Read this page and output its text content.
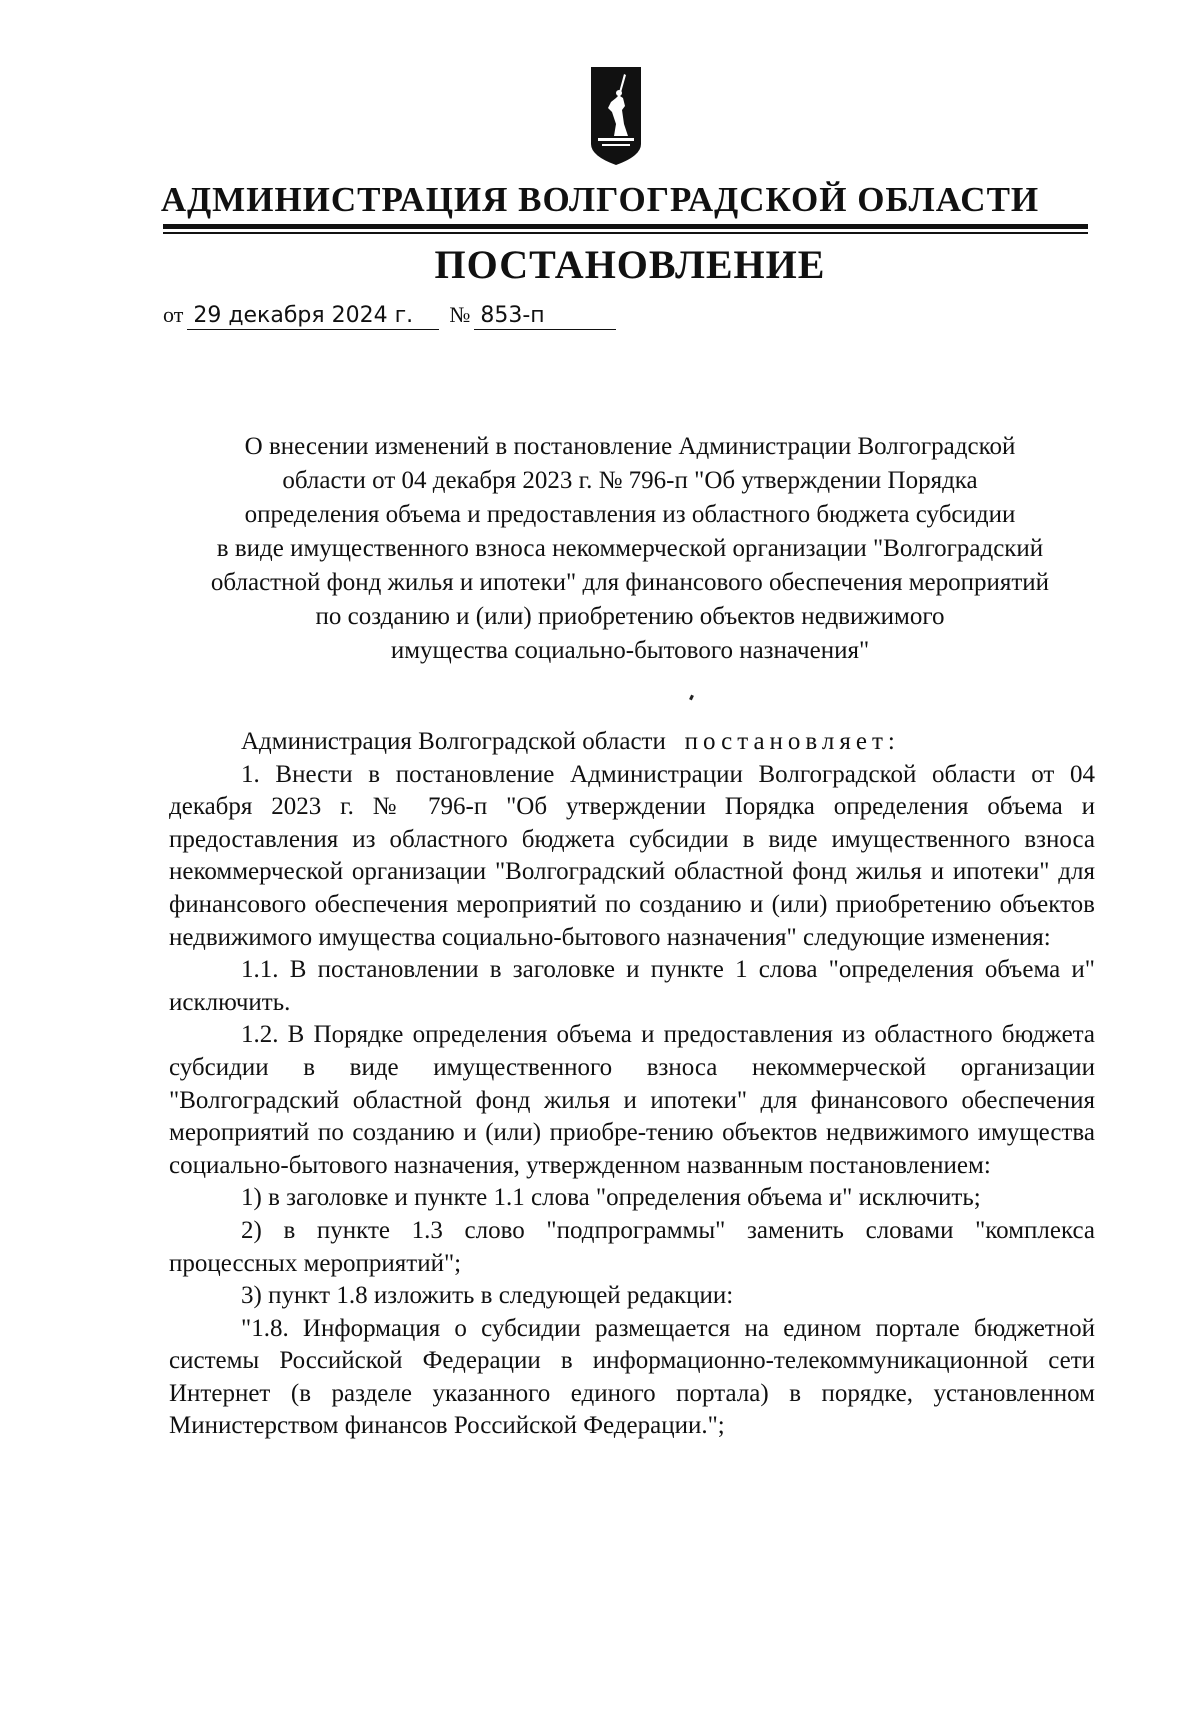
АДМИНИСТРАЦИЯ ВОЛГОГРАДСКОЙ ОБЛАСТИ
ПОСТАНОВЛЕНИЕ
от 29 декабря 2024 г. № 853-п

О внесении изменений в постановление Администрации Волгоградской

области от 04 декабря 2023 г. № 796-п "Об утверждении Порядка

определения объема и предоставления из областного бюджета субсидии

в виде имущественного взноса некоммерческой организации "Волгоградский

областной фонд жилья и ипотеки" для финансового обеспечения мероприятий

по созданию и (или) приобретению объектов недвижимого

имущества социально-бытового назначения"

Администрация Волгоградской области постановляет:

1. Внести в постановление Администрации Волгоградской области от 04 декабря 2023 г. № 796-п "Об утверждении Порядка определения объема и предоставления из областного бюджета субсидии в виде имущественного взноса некоммерческой организации "Волгоградский областной фонд жилья и ипотеки" для финансового обеспечения мероприятий по созданию и (или) приобретению объектов недвижимого имущества социально-бытового назначения" следующие изменения:

1.1. В постановлении в заголовке и пункте 1 слова "определения объема и" исключить.

1.2. В Порядке определения объема и предоставления из областного бюджета субсидии в виде имущественного взноса некоммерческой организации "Волгоградский областной фонд жилья и ипотеки" для финансового обеспечения мероприятий по созданию и (или) приобре-тению объектов недвижимого имущества социально-бытового назначения, утвержденном названным постановлением:

1) в заголовке и пункте 1.1 слова "определения объема и" исключить;

2) в пункте 1.3 слово "подпрограммы" заменить словами "комплекса процессных мероприятий";

3) пункт 1.8 изложить в следующей редакции:

"1.8. Информация о субсидии размещается на едином портале бюджетной системы Российской Федерации в информационно-телекоммуникационной сети Интернет (в разделе указанного единого портала) в порядке, установленном Министерством финансов Российской Федерации.";
